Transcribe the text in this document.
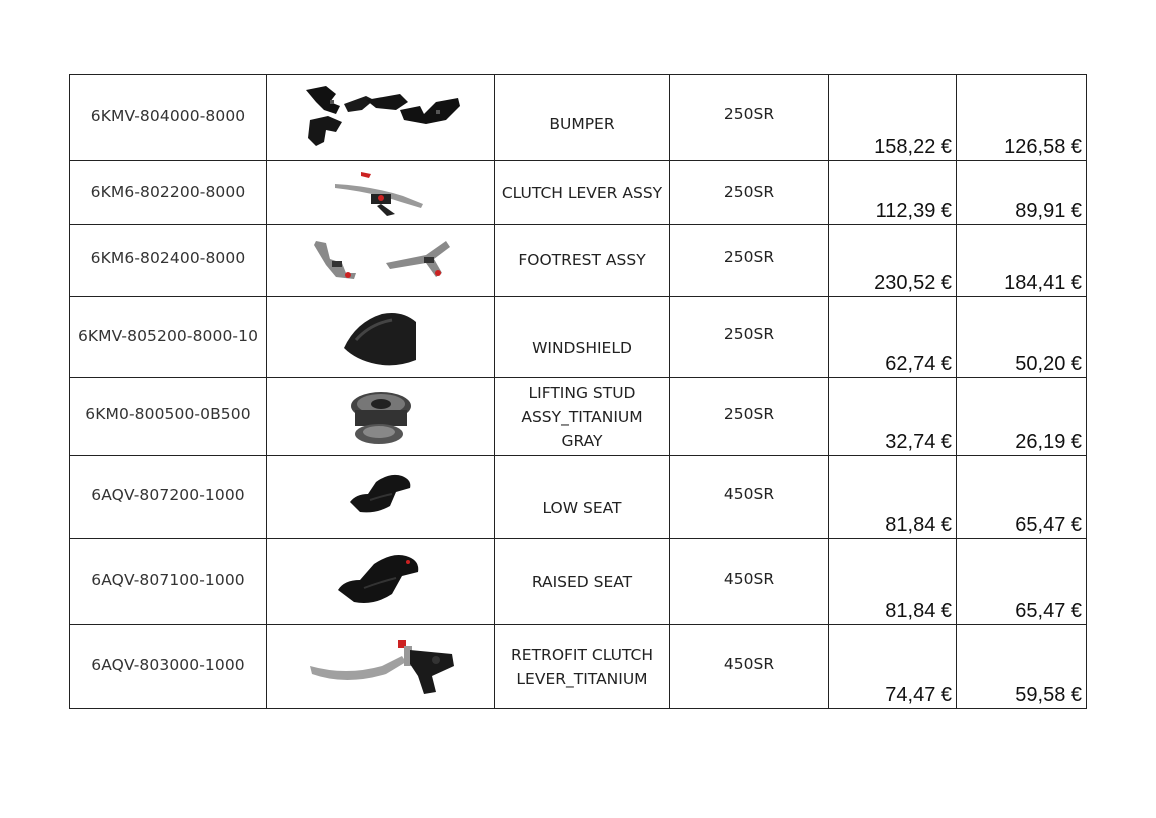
6KMV-804000-8000		BUMPER	250SR	158,22 €	126,58 €
6KM6-802200-8000		CLUTCH LEVER ASSY	250SR	112,39 €	89,91 €
6KM6-802400-8000		FOOTREST ASSY	250SR	230,52 €	184,41 €
6KMV-805200-8000-10		WINDSHIELD	250SR	62,74 €	50,20 €
6KM0-800500-0B500		LIFTING STUD ASSY_TITANIUM GRAY	250SR	32,74 €	26,19 €
6AQV-807200-1000		LOW SEAT	450SR	81,84 €	65,47 €
6AQV-807100-1000		RAISED SEAT	450SR	81,84 €	65,47 €
6AQV-803000-1000		RETROFIT CLUTCH LEVER_TITANIUM	450SR	74,47 €	59,58 €
